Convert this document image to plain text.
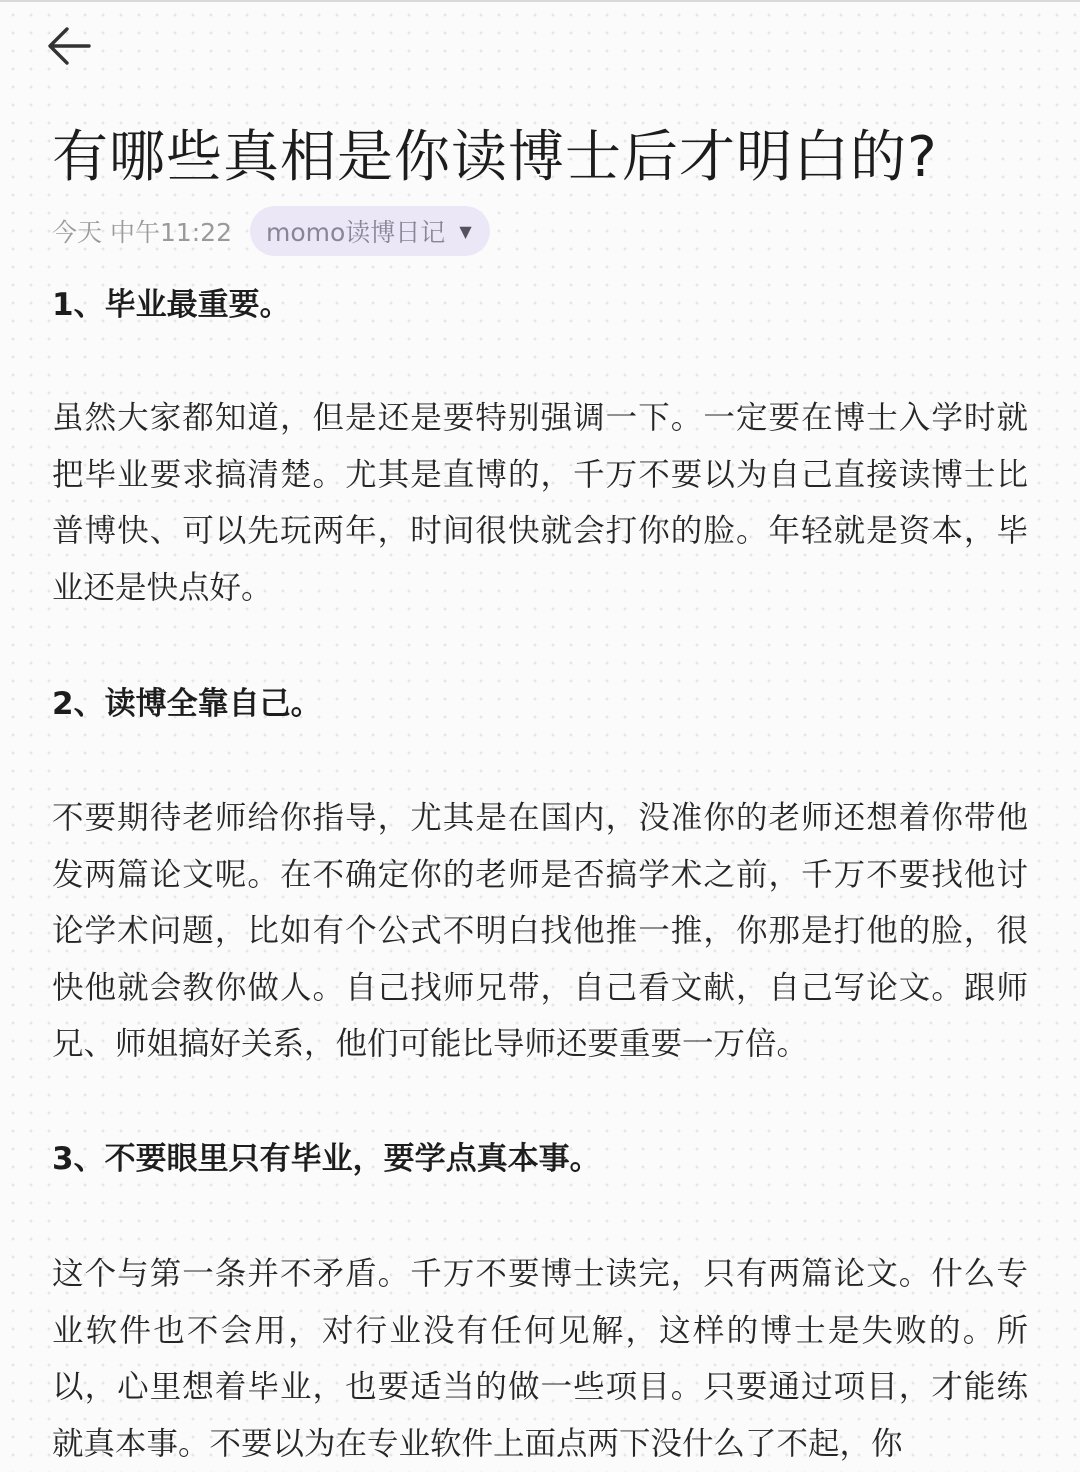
有哪些真相是你读博士后才明白的?
今天 中午11:22 momo读博日记 ▼
1、毕业最重要。

虽然大家都知道，但是还是要特别强调一下。一定要在博士入学时就把毕业要求搞清楚。尤其是直博的，千万不要以为自己直接读博士比普博快、可以先玩两年，时间很快就会打你的脸。年轻就是资本，毕业还是快点好。

2、读博全靠自己。

不要期待老师给你指导，尤其是在国内，没准你的老师还想着你带他发两篇论文呢。在不确定你的老师是否搞学术之前，千万不要找他讨论学术问题，比如有个公式不明白找他推一推，你那是打他的脸，很快他就会教你做人。自己找师兄带，自己看文献，自己写论文。跟师兄、师姐搞好关系，他们可能比导师还要重要一万倍。

3、不要眼里只有毕业，要学点真本事。

这个与第一条并不矛盾。千万不要博士读完，只有两篇论文。什么专业软件也不会用，对行业没有任何见解，这样的博士是失败的。所以，心里想着毕业，也要适当的做一些项目。只要通过项目，才能练就真本事。不要以为在专业软件上面点两下没什么了不起，你
